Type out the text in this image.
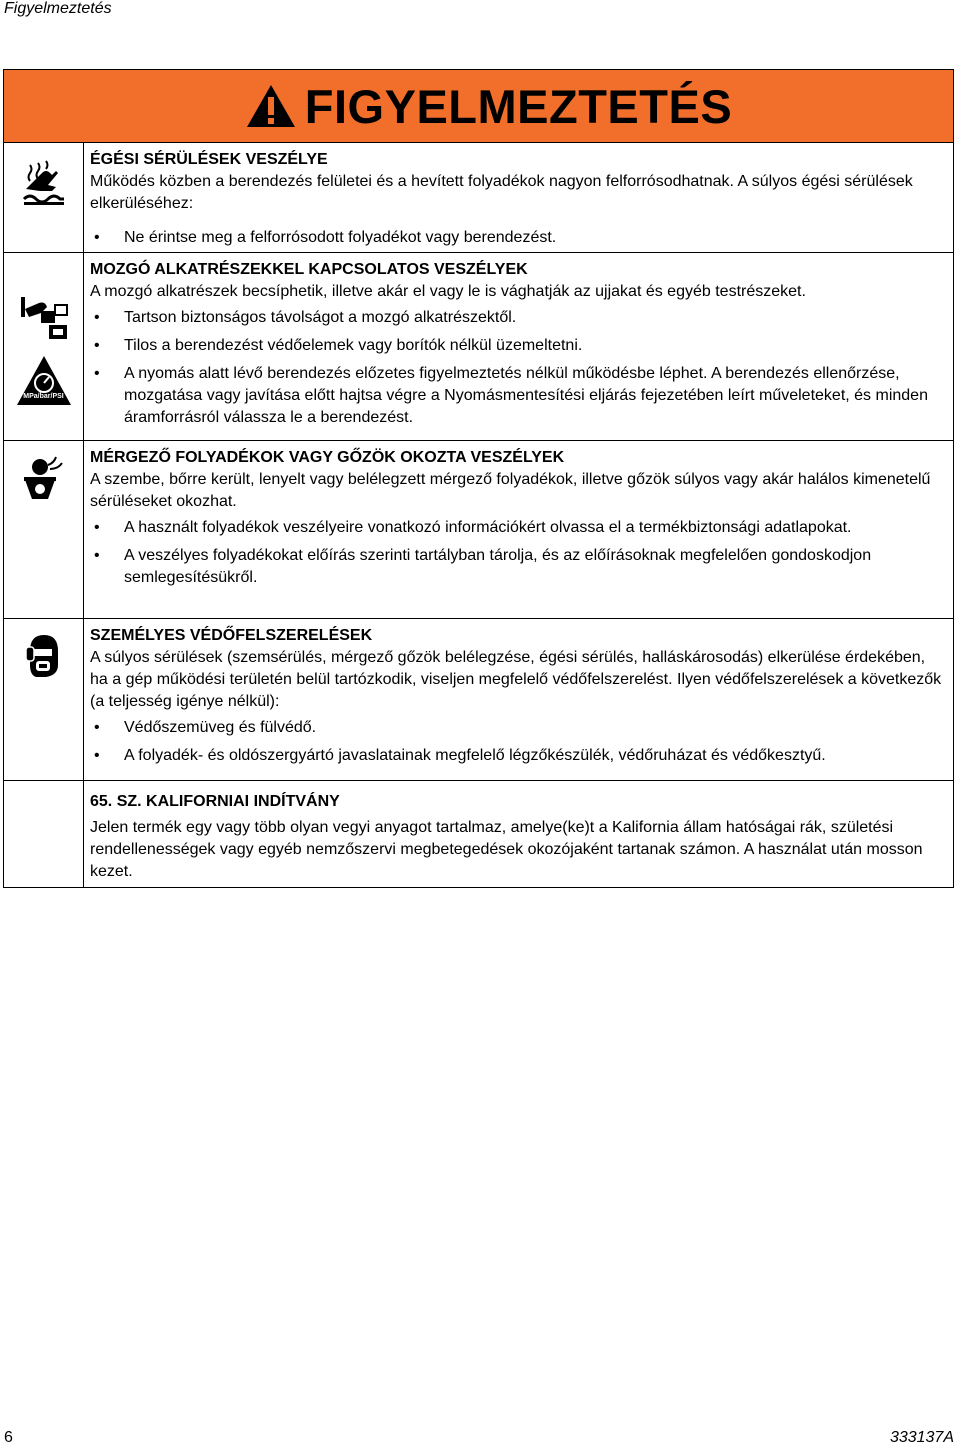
Figyelmeztetés
FIGYELMEZTETÉS
ÉGÉSI SÉRÜLÉSEK VESZÉLYE
Működés közben a berendezés felületei és a hevített folyadékok nagyon felforrósodhatnak. A súlyos égési sérülések elkerüléséhez:
• Ne érintse meg a felforrósodott folyadékot vagy berendezést.
MPa/bar/PSI
MOZGÓ ALKATRÉSZEKKEL KAPCSOLATOS VESZÉLYEK
A mozgó alkatrészek becsíphetik, illetve akár el vagy le is vághatják az ujjakat és egyéb testrészeket.
• Tartson biztonságos távolságot a mozgó alkatrészektől.
• Tilos a berendezést védőelemek vagy borítók nélkül üzemeltetni.
• A nyomás alatt lévő berendezés előzetes figyelmeztetés nélkül működésbe léphet. A berendezés ellenőrzése, mozgatása vagy javítása előtt hajtsa végre a Nyomásmentesítési eljárás fejezetében leírt műveleteket, és minden áramforrásról válassza le a berendezést.
MÉRGEZŐ FOLYADÉKOK VAGY GŐZÖK OKOZTA VESZÉLYEK
A szembe, bőrre került, lenyelt vagy belélegzett mérgező folyadékok, illetve gőzök súlyos vagy akár halálos kimenetelű sérüléseket okozhat.
• A használt folyadékok veszélyeire vonatkozó információkért olvassa el a termékbiztonsági adatlapokat.
• A veszélyes folyadékokat előírás szerinti tartályban tárolja, és az előírásoknak megfelelően gondoskodjon semlegesítésükről.
SZEMÉLYES VÉDŐFELSZERELÉSEK
A súlyos sérülések (szemsérülés, mérgező gőzök belélegzése, égési sérülés, halláskárosodás) elkerülése érdekében, ha a gép működési területén belül tartózkodik, viseljen megfelelő védőfelszerelést. Ilyen védőfelszerelések a következők (a teljesség igénye nélkül):
• Védőszemüveg és fülvédő.
• A folyadék- és oldószergyártó javaslatainak megfelelő légzőkészülék, védőruházat és védőkesztyű.
65. SZ. KALIFORNIAI INDÍTVÁNY
Jelen termék egy vagy több olyan vegyi anyagot tartalmaz, amelye(ke)t a Kalifornia állam hatóságai rák, születési rendellenességek vagy egyéb nemzőszervi megbetegedések okozójaként tartanak számon. A használat után mosson kezet.
6	333137A
